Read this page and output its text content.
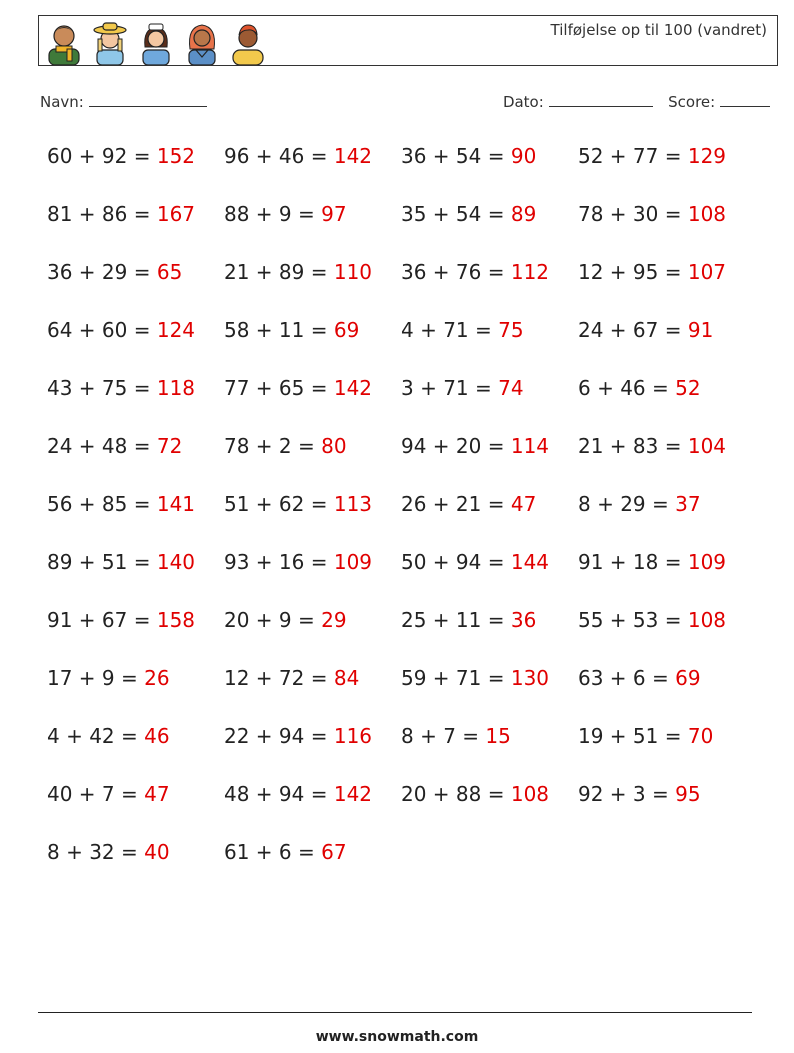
Tilføjelse op til 100 (vandret)
Navn:	Dato:	Score:
60 + 92 = 152 96 + 46 = 142 36 + 54 = 90 52 + 77 = 129
81 + 86 = 167 88 + 9 = 97	35 + 54 = 89 78 + 30 = 108
36 + 29 = 65 21 + 89 = 110 36 + 76 = 112 12 + 95 = 107
64 + 60 = 124 58 + 11 = 69 4 + 71 = 75	24 + 67 = 91
43 + 75 = 118 77 + 65 = 142 3 + 71 = 74	6 + 46 = 52
24 + 48 = 72 78 + 2 = 80	94 + 20 = 114 21 + 83 = 104
56 + 85 = 141 51 + 62 = 113 26 + 21 = 47 8 + 29 = 37
89 + 51 = 140 93 + 16 = 109 50 + 94 = 144 91 + 18 = 109
91 + 67 = 158 20 + 9 = 29	25 + 11 = 36 55 + 53 = 108
17 + 9 = 26	12 + 72 = 84 59 + 71 = 130 63 + 6 = 69
4 + 42 = 46	22 + 94 = 116 8 + 7 = 15	19 + 51 = 70
40 + 7 = 47	48 + 94 = 142 20 + 88 = 108 92 + 3 = 95
8 + 32 = 40	61 + 6 = 67
www.snowmath.com
